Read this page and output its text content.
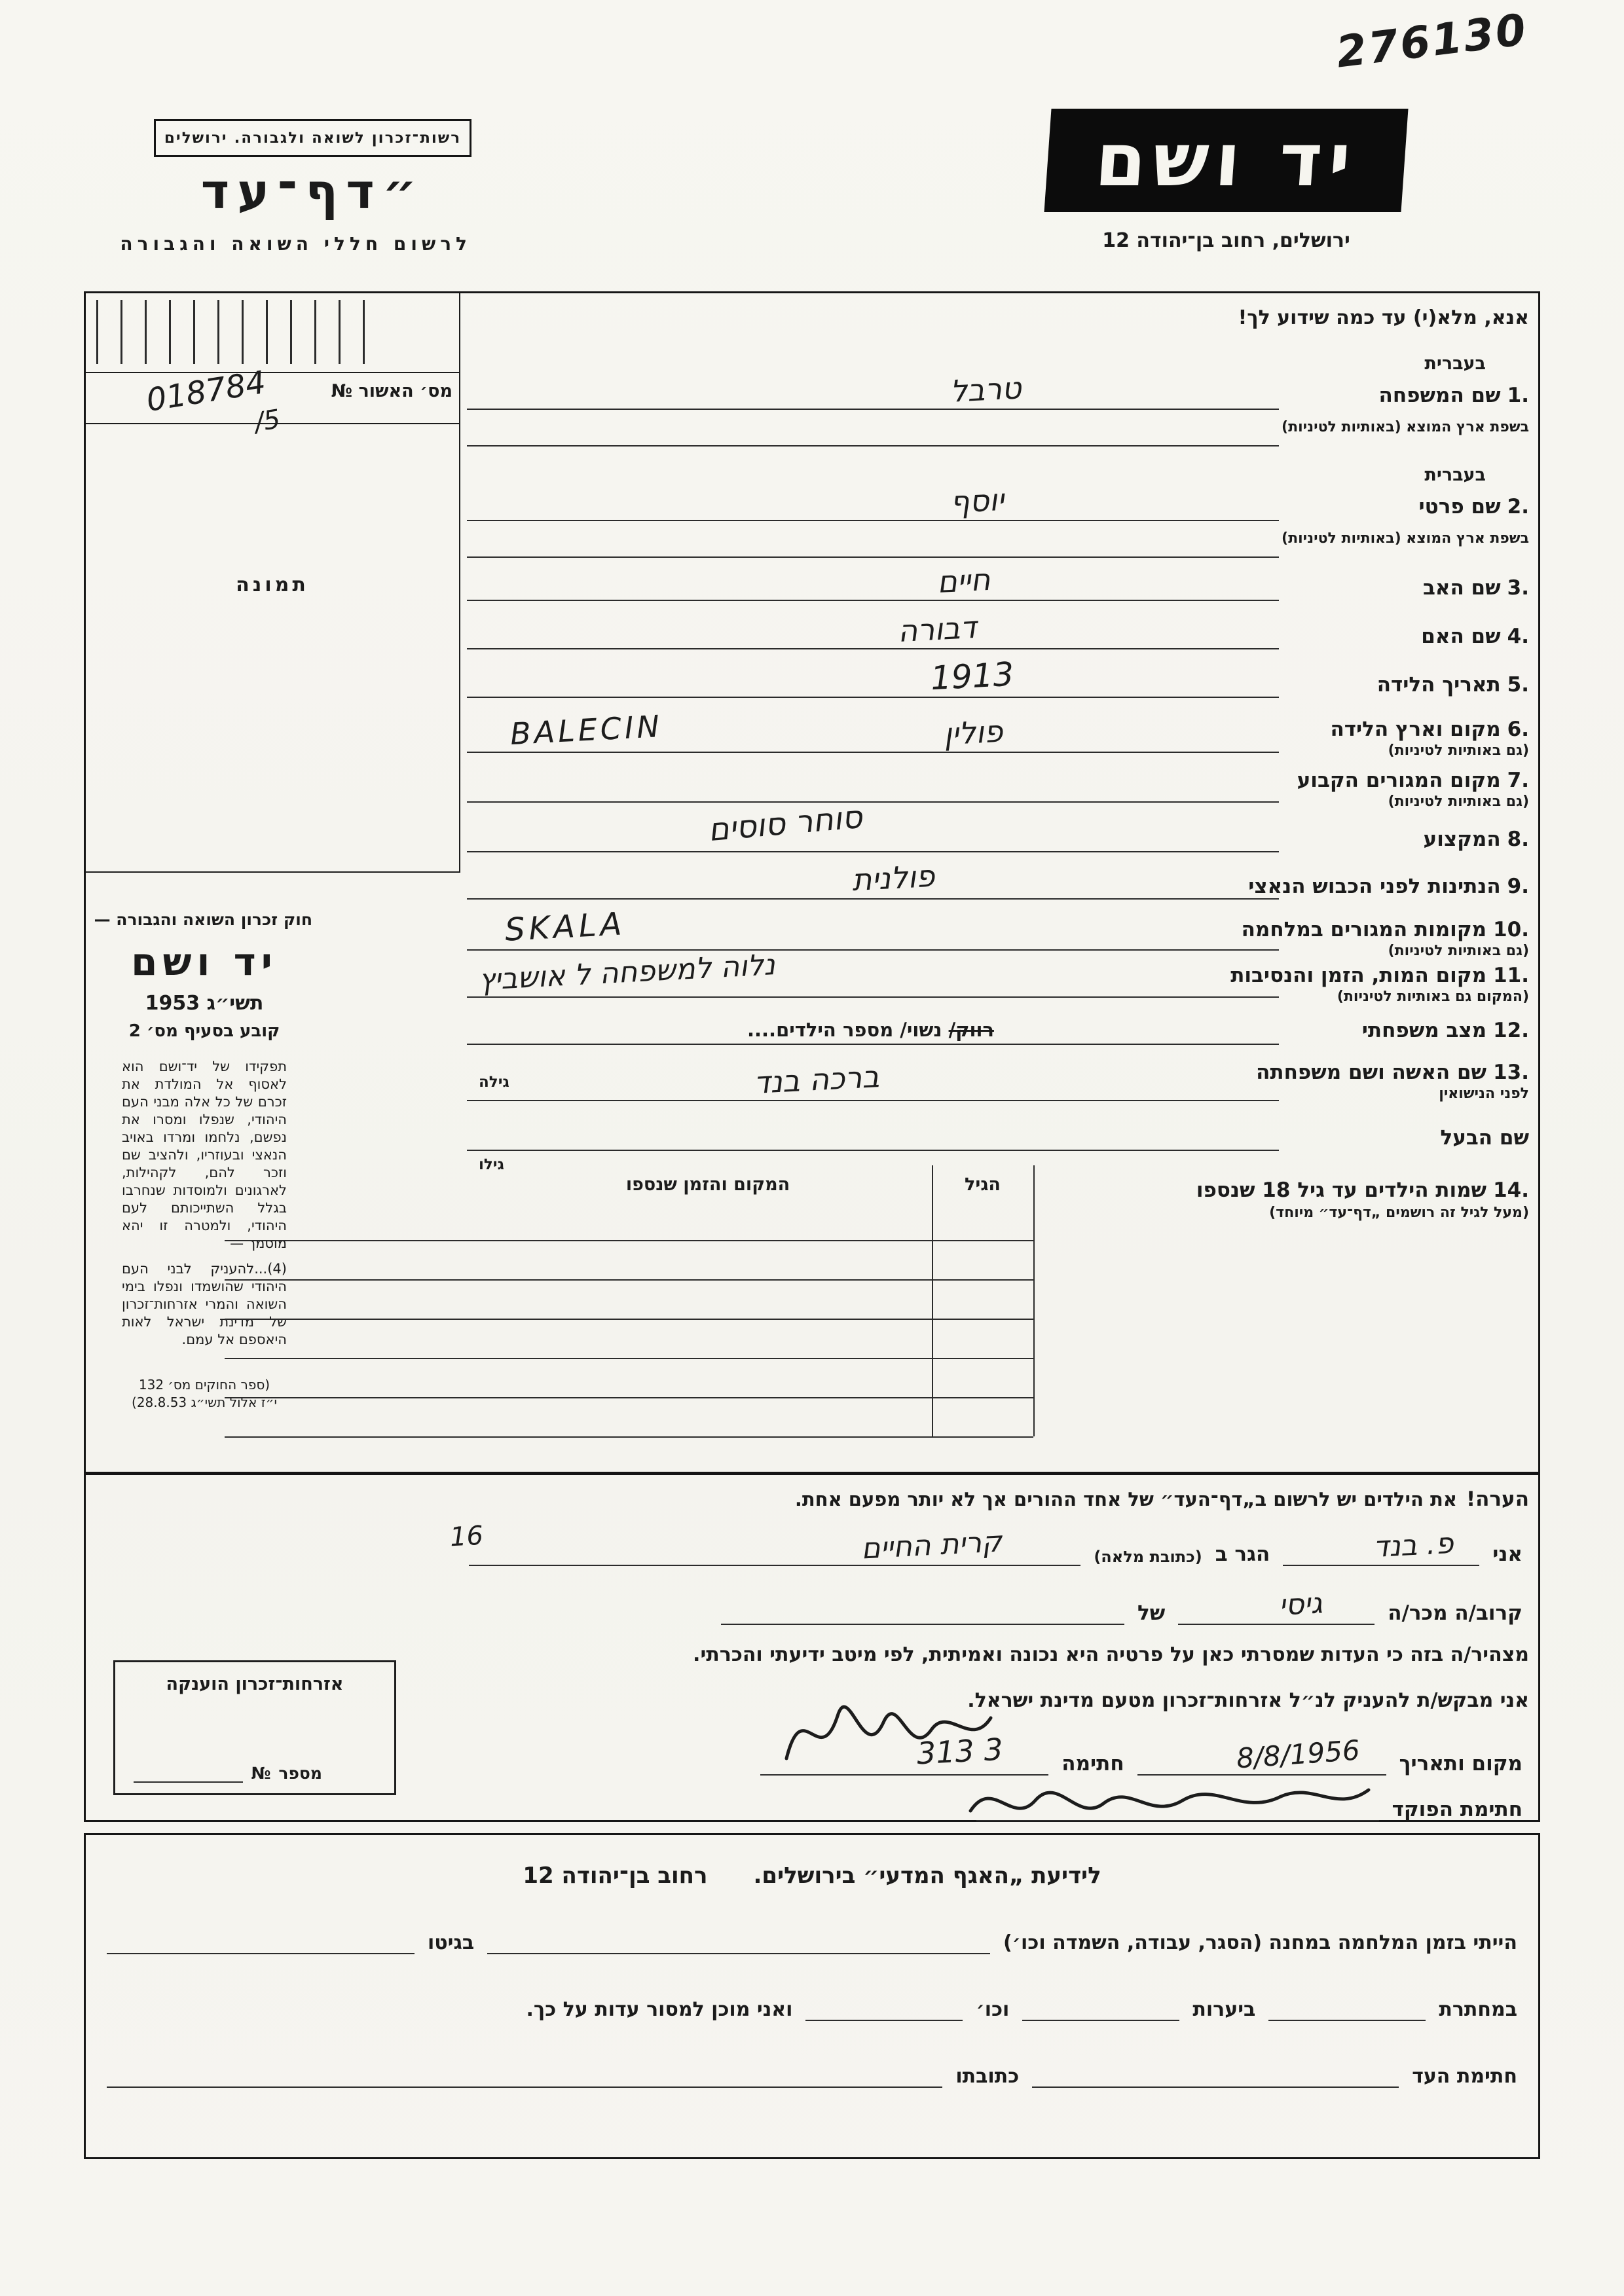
276130
רשות־זכרון לשואה ולגבורה. ירושלים
״דף־עד
לרשום חללי השואה והגבורה
יד ושם
ירושלים, רחוב בן־יהודה 12
מס׳ האשור №
018784
/5
תמונה
חוק זכרון השואה והגבורה —
יד ושם
תשי״ג 1953
קובע בסעיף מס׳ 2
תפקידו של יד־ושם הוא לאסוף אל המולדת את זכרם של כל אלה מבני העם היהודי, שנפלו ומסרו את נפשם, נלחמו ומרדו באויב הנאצי ובעוזריו, ולהציב שם וזכר להם, לקהילות, לארגונים ולמוסדות שנחרבו בגלל השתייכותם לעם היהודי, ולמטרה זו יהא מוסמך —
(4)...להעניק לבני העם היהודי שהושמדו ונפלו בימי השואה והמרי אזרחות־זכרון של מדינת ישראל לאות היאספם אל עמם.
(ספר החוקים מס׳ 132
י״ז אלול תשי״ג 28.8.53)
אנא, מלא(י) עד כמה שידוע לך!
בעברית
1.שם המשפחה
טרבל
בשפת ארץ המוצא (באותיות לטיניות)
בעברית
2.שם פרטי
יוסף
בשפת ארץ המוצא (באותיות לטיניות)
3.שם האב
חיים
4.שם האם
דבורה
5.תאריך הלידה
1913
6.מקום וארץ הלידה
(גם באותיות לטיניות)
פולין
BALECIN
7.מקום המגורים הקבוע
(גם באותיות לטיניות)
8.המקצוע
סוחר סוסים
9.הנתינות לפני הכבוש הנאצי
פולנית
10.מקומות המגורים במלחמה
(גם באותיות לטיניות)
SKALA
11.מקום המות, הזמן והנסיבות
(המקום גם באותיות לטיניות)
נלוה למשפחה ל אושביץ
12.מצב משפחתי
רווק/ נשוי/ מספר הילדים....
13.שם האשה ושם משפחתה
לפני הנישואין
ברכה בנד
גילה
שם הבעל
גילו
14.שמות הילדים עד גיל 18 שנספו
(מעל לגיל זה רושמים „דף־עד״ מיוחד)
המקום והזמן שנספו	הגיל
הערה!את הילדים יש לרשום ב„דף־העד״ של אחד ההורים אך לא יותר מפעם אחת.
אני
פ. בנד
הגר ב
(כתובת מלאה)
קרית החיים
16
קרוב/ה מכר/ה
גיסי
של
מצהיר/ה בזה כי העדות שמסרתי כאן על פרטיה היא נכונה ואמיתית, לפי מיטב ידיעתי והכרתי.
אני מבקש/ת להעניק לנ״ל אזרחות־זכרון מטעם מדינת ישראל.
מקום ותאריך
8/8/1956
חתימה
313 3
חתימת הפוקד
אזרחות־זכרון הוענקה
מספר
№
לידיעת „האגף המדעי״ בירושלים.
רחוב בן־יהודה 12
הייתי בזמן המלחמה במחנה (הסגר, עבודה, השמדה וכו׳)
בגיטו
במחתרת
ביערות
וכו׳
ואני מוכן למסור עדות על כך.
חתימת העד
כתובתו
